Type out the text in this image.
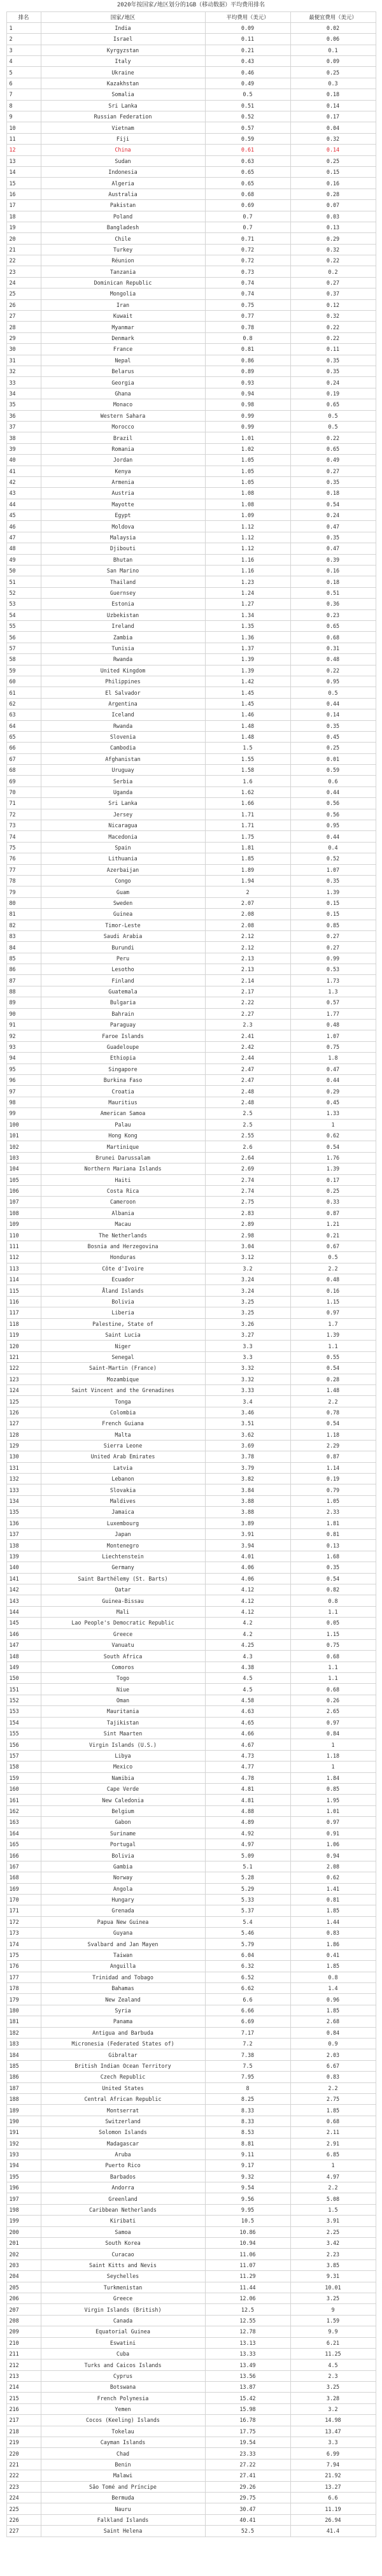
2020年按国家/地区划分的1GB（移动数据）平均费用排名
排名	国家/地区	平均费用（美元）	最便宜费用（美元）
1	India	0.09	0.02
2	Israel	0.11	0.06
3	Kyrgyzstan	0.21	0.1
4	Italy	0.43	0.09
5	Ukraine	0.46	0.25
6	Kazakhstan	0.49	0.3
7	Somalia	0.5	0.18
8	Sri Lanka	0.51	0.14
9	Russian Federation	0.52	0.17
10	Vietnam	0.57	0.04
11	Fiji	0.59	0.32
12	China	0.61	0.14
13	Sudan	0.63	0.25
14	Indonesia	0.65	0.15
15	Algeria	0.65	0.16
16	Australia	0.68	0.28
17	Pakistan	0.69	0.07
18	Poland	0.7	0.03
19	Bangladesh	0.7	0.13
20	Chile	0.71	0.29
21	Turkey	0.72	0.32
22	Réunion	0.72	0.22
23	Tanzania	0.73	0.2
24	Dominican Republic	0.74	0.27
25	Mongolia	0.74	0.37
26	Iran	0.75	0.12
27	Kuwait	0.77	0.32
28	Myanmar	0.78	0.22
29	Denmark	0.8	0.22
30	France	0.81	0.11
31	Nepal	0.86	0.35
32	Belarus	0.89	0.35
33	Georgia	0.93	0.24
34	Ghana	0.94	0.19
35	Monaco	0.98	0.65
36	Western Sahara	0.99	0.5
37	Morocco	0.99	0.5
38	Brazil	1.01	0.22
39	Romania	1.02	0.65
40	Jordan	1.05	0.49
41	Kenya	1.05	0.27
42	Armenia	1.05	0.35
43	Austria	1.08	0.18
44	Mayotte	1.08	0.54
45	Egypt	1.09	0.24
46	Moldova	1.12	0.47
47	Malaysia	1.12	0.35
48	Djibouti	1.12	0.47
49	Bhutan	1.16	0.39
50	San Marino	1.16	0.16
51	Thailand	1.23	0.18
52	Guernsey	1.24	0.51
53	Estonia	1.27	0.36
54	Uzbekistan	1.34	0.23
55	Ireland	1.35	0.65
56	Zambia	1.36	0.68
57	Tunisia	1.37	0.31
58	Rwanda	1.39	0.48
59	United Kingdom	1.39	0.22
60	Philippines	1.42	0.95
61	El Salvador	1.45	0.5
62	Argentina	1.45	0.44
63	Iceland	1.46	0.14
64	Rwanda	1.48	0.35
65	Slovenia	1.48	0.45
66	Cambodia	1.5	0.25
67	Afghanistan	1.55	0.01
68	Uruguay	1.58	0.59
69	Serbia	1.6	0.6
70	Uganda	1.62	0.44
71	Sri Lanka	1.66	0.56
72	Jersey	1.71	0.56
73	Nicaragua	1.71	0.95
74	Macedonia	1.75	0.44
75	Spain	1.81	0.4
76	Lithuania	1.85	0.52
77	Azerbaijan	1.89	1.07
78	Congo	1.94	0.35
79	Guam	2	1.39
80	Sweden	2.07	0.15
81	Guinea	2.08	0.15
82	Timor-Leste	2.08	0.85
83	Saudi Arabia	2.12	0.27
84	Burundi	2.12	0.27
85	Peru	2.13	0.99
86	Lesotho	2.13	0.53
87	Finland	2.14	1.73
88	Guatemala	2.17	1.3
89	Bulgaria	2.22	0.57
90	Bahrain	2.27	1.77
91	Paraguay	2.3	0.48
92	Faroe Islands	2.41	1.07
93	Guadeloupe	2.42	0.75
94	Ethiopia	2.44	1.8
95	Singapore	2.47	0.47
96	Burkina Faso	2.47	0.44
97	Croatia	2.48	0.29
98	Mauritius	2.48	0.45
99	American Samoa	2.5	1.33
100	Palau	2.5	1
101	Hong Kong	2.55	0.62
102	Martinique	2.6	0.54
103	Brunei Darussalam	2.64	1.76
104	Northern Mariana Islands	2.69	1.39
105	Haiti	2.74	0.17
106	Costa Rica	2.74	0.25
107	Cameroon	2.75	0.33
108	Albania	2.83	0.87
109	Macau	2.89	1.21
110	The Netherlands	2.98	0.21
111	Bosnia and Herzegovina	3.04	0.67
112	Honduras	3.12	0.5
113	Côte d'Ivoire	3.2	2.2
114	Ecuador	3.24	0.48
115	Åland Islands	3.24	0.16
116	Bolivia	3.25	1.15
117	Liberia	3.25	0.97
118	Palestine, State of	3.26	1.7
119	Saint Lucia	3.27	1.39
120	Niger	3.3	1.1
121	Senegal	3.3	0.55
122	Saint-Martin (France)	3.32	0.54
123	Mozambique	3.32	0.28
124	Saint Vincent and the Grenadines	3.33	1.48
125	Tonga	3.4	2.2
126	Colombia	3.46	0.78
127	French Guiana	3.51	0.54
128	Malta	3.62	1.18
129	Sierra Leone	3.69	2.29
130	United Arab Emirates	3.78	0.87
131	Latvia	3.79	1.14
132	Lebanon	3.82	0.19
133	Slovakia	3.84	0.79
134	Maldives	3.88	1.05
135	Jamaica	3.88	2.33
136	Luxembourg	3.89	1.81
137	Japan	3.91	0.81
138	Montenegro	3.94	0.13
139	Liechtenstein	4.01	1.68
140	Germany	4.06	0.35
141	Saint Barthélemy (St. Barts)	4.06	0.54
142	Qatar	4.12	0.82
143	Guinea-Bissau	4.12	0.8
144	Mali	4.12	1.1
145	Lao People's Democratic Republic	4.2	0.05
146	Greece	4.2	1.15
147	Vanuatu	4.25	0.75
148	South Africa	4.3	0.68
149	Comoros	4.38	1.1
150	Togo	4.5	1.1
151	Niue	4.5	0.68
152	Oman	4.58	0.26
153	Mauritania	4.63	2.65
154	Tajikistan	4.65	0.97
155	Sint Maarten	4.66	0.84
156	Virgin Islands (U.S.)	4.67	1
157	Libya	4.73	1.18
158	Mexico	4.77	1
159	Namibia	4.78	1.84
160	Cape Verde	4.81	0.85
161	New Caledonia	4.81	1.95
162	Belgium	4.88	1.01
163	Gabon	4.89	0.97
164	Suriname	4.92	0.91
165	Portugal	4.97	1.06
166	Bolivia	5.09	0.94
167	Gambia	5.1	2.08
168	Norway	5.28	0.62
169	Angola	5.29	1.41
170	Hungary	5.33	0.81
171	Grenada	5.37	1.85
172	Papua New Guinea	5.4	1.44
173	Guyana	5.46	0.83
174	Svalbard and Jan Mayen	5.79	1.86
175	Taiwan	6.04	0.41
176	Anguilla	6.32	1.85
177	Trinidad and Tobago	6.52	0.8
178	Bahamas	6.62	1.4
179	New Zealand	6.6	0.96
180	Syria	6.66	1.85
181	Panama	6.69	2.68
182	Antigua and Barbuda	7.17	0.84
183	Micronesia (Federated States of)	7.2	0.9
184	Gibraltar	7.38	2.03
185	British Indian Ocean Territory	7.5	6.67
186	Czech Republic	7.95	0.83
187	United States	8	2.2
188	Central African Republic	8.25	2.75
189	Montserrat	8.33	1.85
190	Switzerland	8.33	0.68
191	Solomon Islands	8.53	2.11
192	Madagascar	8.81	2.91
193	Aruba	9.11	6.85
194	Puerto Rico	9.17	1
195	Barbados	9.32	4.97
196	Andorra	9.54	2.2
197	Greenland	9.56	5.08
198	Caribbean Netherlands	9.95	1.5
199	Kiribati	10.5	3.91
200	Samoa	10.86	2.25
201	South Korea	10.94	3.42
202	Curacao	11.06	2.23
203	Saint Kitts and Nevis	11.07	3.85
204	Seychelles	11.29	9.31
205	Turkmenistan	11.44	10.01
206	Greece	12.06	3.25
207	Virgin Islands (British)	12.5	9
208	Canada	12.55	1.59
209	Equatorial Guinea	12.78	9.9
210	Eswatini	13.13	6.21
211	Cuba	13.33	11.25
212	Turks and Caicos Islands	13.49	4.5
213	Cyprus	13.56	2.3
214	Botswana	13.87	3.25
215	French Polynesia	15.42	3.28
216	Yemen	15.98	3.2
217	Cocos (Keeling) Islands	16.78	14.98
218	Tokelau	17.75	13.47
219	Cayman Islands	19.54	3.3
220	Chad	23.33	6.99
221	Benin	27.22	7.94
222	Malawi	27.41	21.92
223	São Tomé and Príncipe	29.26	13.27
224	Bermuda	29.75	6.6
225	Nauru	30.47	11.19
226	Falkland Islands	40.41	26.94
227	Saint Helena	52.5	41.4
